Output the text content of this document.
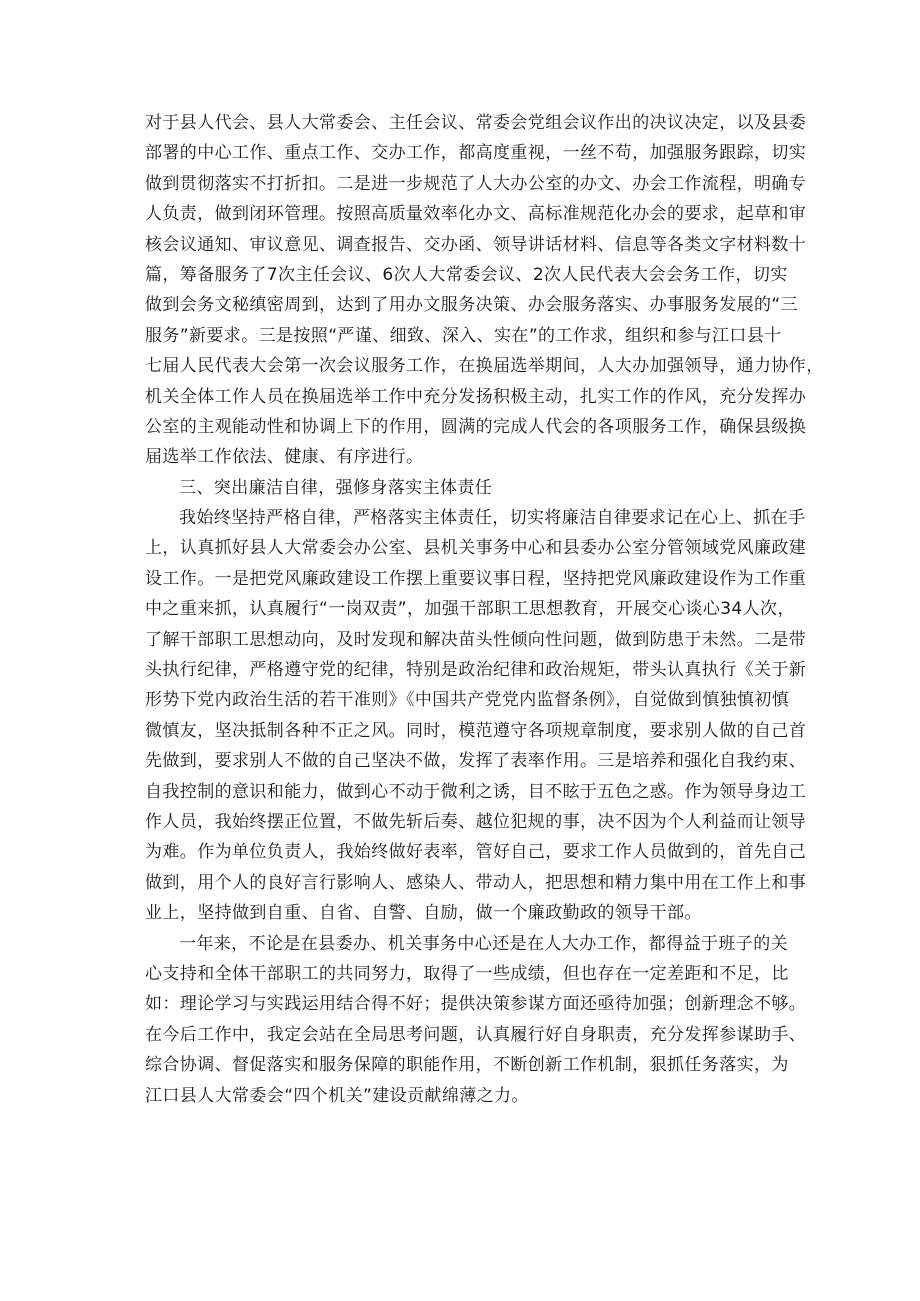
对于县人代会、县人大常委会、主任会议、常委会党组会议作出的决议决定，以及县委
部署的中心工作、重点工作、交办工作，都高度重视，一丝不苟，加强服务跟踪，切实
做到贯彻落实不打折扣。二是进一步规范了人大办公室的办文、办会工作流程，明确专
人负责，做到闭环管理。按照高质量效率化办文、高标准规范化办会的要求，起草和审
核会议通知、审议意见、调查报告、交办函、领导讲话材料、信息等各类文字材料数十
篇，筹备服务了7次主任会议、6次人大常委会议、2次人民代表大会会务工作，切实
做到会务文秘缜密周到，达到了用办文服务决策、办会服务落实、办事服务发展的“三
服务”新要求。三是按照“严谨、细致、深入、实在”的工作求，组织和参与江口县十
七届人民代表大会第一次会议服务工作，在换届选举期间，人大办加强领导，通力协作，
机关全体工作人员在换届选举工作中充分发扬积极主动，扎实工作的作风，充分发挥办
公室的主观能动性和协调上下的作用，圆满的完成人代会的各项服务工作，确保县级换
届选举工作依法、健康、有序进行。
三、突出廉洁自律，强修身落实主体责任
我始终坚持严格自律，严格落实主体责任，切实将廉洁自律要求记在心上、抓在手
上，认真抓好县人大常委会办公室、县机关事务中心和县委办公室分管领域党风廉政建
设工作。一是把党风廉政建设工作摆上重要议事日程，坚持把党风廉政建设作为工作重
中之重来抓，认真履行“一岗双责”，加强干部职工思想教育，开展交心谈心34人次，
了解干部职工思想动向，及时发现和解决苗头性倾向性问题，做到防患于未然。二是带
头执行纪律，严格遵守党的纪律，特别是政治纪律和政治规矩，带头认真执行《关于新
形势下党内政治生活的若干准则》《中国共产党党内监督条例》，自觉做到慎独慎初慎
微慎友，坚决抵制各种不正之风。同时，模范遵守各项规章制度，要求别人做的自己首
先做到，要求别人不做的自己坚决不做，发挥了表率作用。三是培养和强化自我约束、
自我控制的意识和能力，做到心不动于微利之诱，目不眩于五色之惑。作为领导身边工
作人员，我始终摆正位置，不做先斩后奏、越位犯规的事，决不因为个人利益而让领导
为难。作为单位负责人，我始终做好表率，管好自己，要求工作人员做到的，首先自己
做到，用个人的良好言行影响人、感染人、带动人，把思想和精力集中用在工作上和事
业上，坚持做到自重、自省、自警、自励，做一个廉政勤政的领导干部。
一年来，不论是在县委办、机关事务中心还是在人大办工作，都得益于班子的关
心支持和全体干部职工的共同努力，取得了一些成绩，但也存在一定差距和不足，比
如：理论学习与实践运用结合得不好；提供决策参谋方面还亟待加强；创新理念不够。
在今后工作中，我定会站在全局思考问题，认真履行好自身职责，充分发挥参谋助手、
综合协调、督促落实和服务保障的职能作用，不断创新工作机制，狠抓任务落实，为
江口县人大常委会“四个机关”建设贡献绵薄之力。
